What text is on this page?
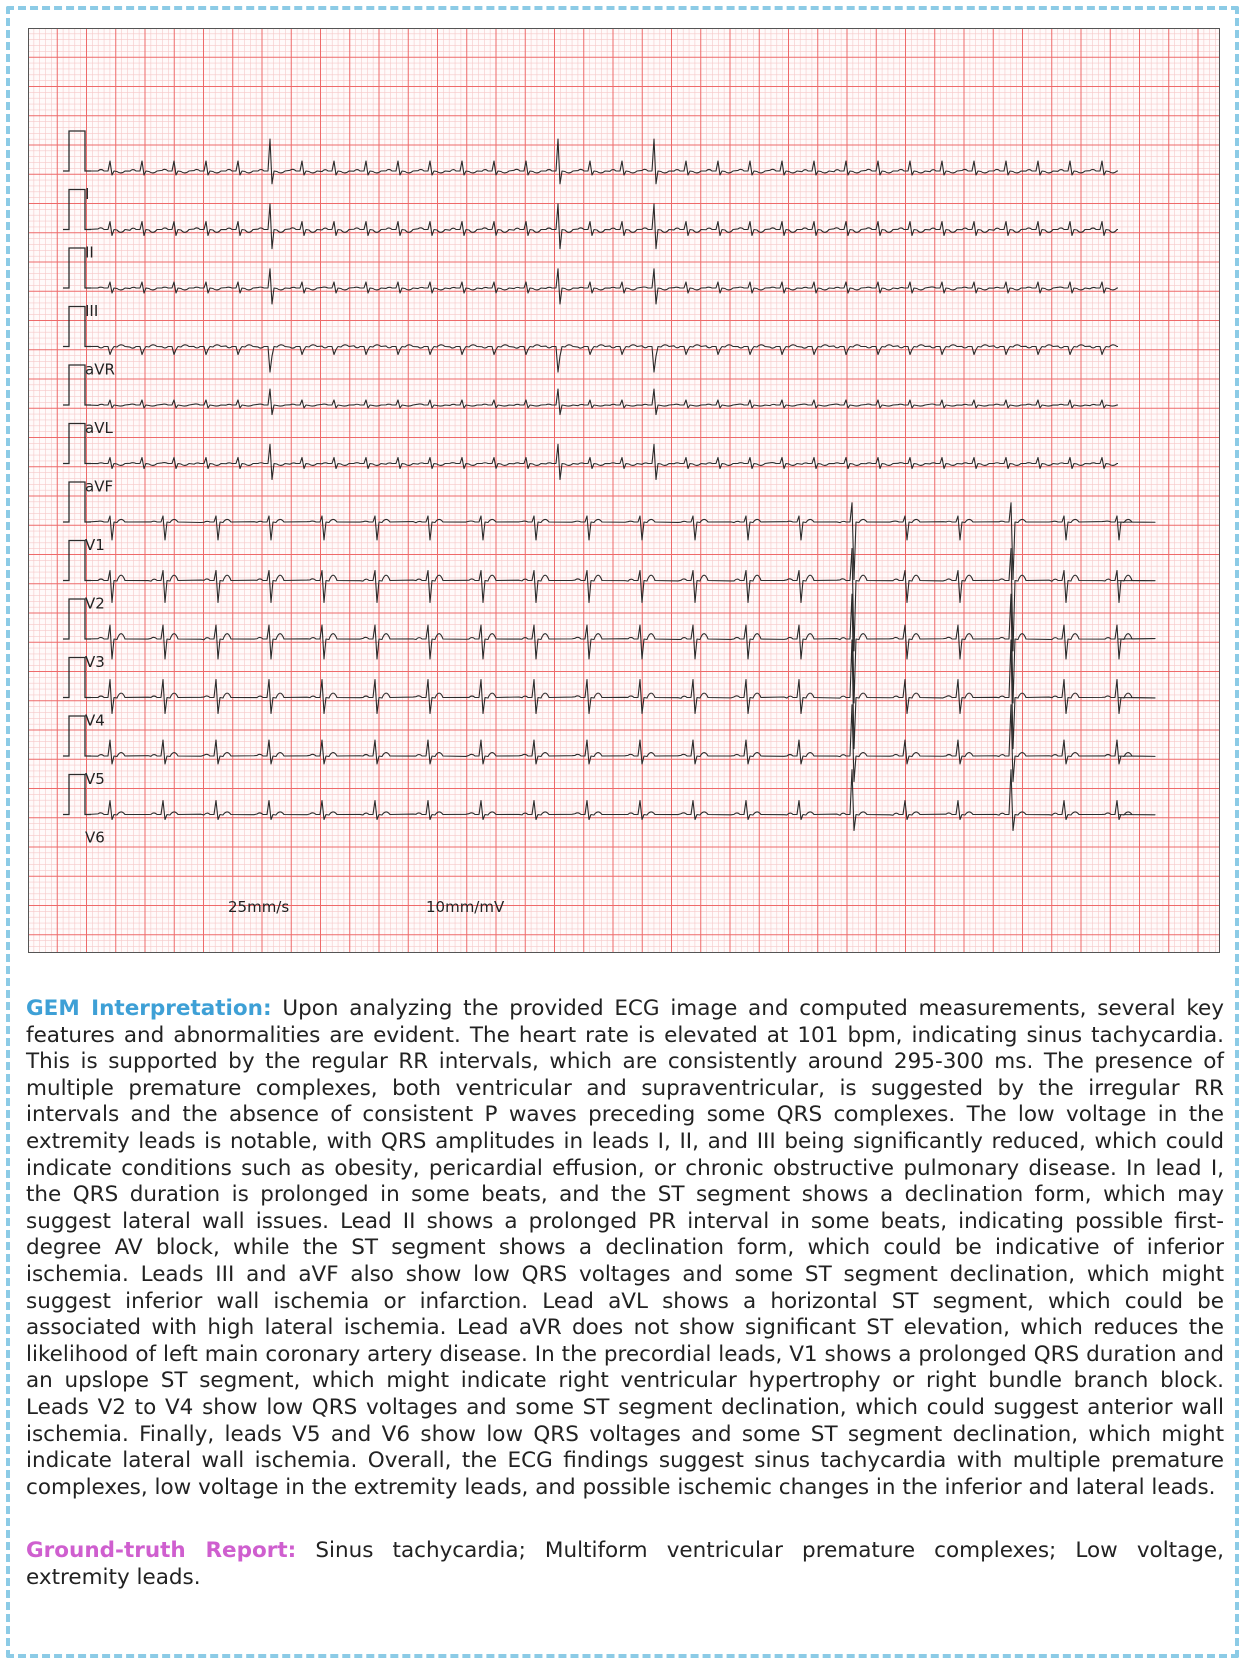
I
II
III
aVR
aVL
aVF
V1
V2
V3
V4
V5
V6
25mm/s	10mm/mV

GEM Interpretation: Upon analyzing the provided ECG image and computed measurements, several key features and abnormalities are evident. The heart rate is elevated at 101 bpm, indicating sinus tachycardia. This is supported by the regular RR intervals, which are consistently around 295-300 ms. The presence of multiple premature complexes, both ventricular and supraventricular, is suggested by the irregular RR intervals and the absence of consistent P waves preceding some QRS complexes. The low voltage in the extremity leads is notable, with QRS amplitudes in leads I, II, and III being significantly reduced, which could indicate conditions such as obesity, pericardial effusion, or chronic obstructive pulmonary disease. In lead I, the QRS duration is prolonged in some beats, and the ST segment shows a declination form, which may suggest lateral wall issues. Lead II shows a prolonged PR interval in some beats, indicating possible first-degree AV block, while the ST segment shows a declination form, which could be indicative of inferior ischemia. Leads III and aVF also show low QRS voltages and some ST segment declination, which might suggest inferior wall ischemia or infarction. Lead aVL shows a horizontal ST segment, which could be associated with high lateral ischemia. Lead aVR does not show significant ST elevation, which reduces the likelihood of left main coronary artery disease. In the precordial leads, V1 shows a prolonged QRS duration and an upslope ST segment, which might indicate right ventricular hypertrophy or right bundle branch block. Leads V2 to V4 show low QRS voltages and some ST segment declination, which could suggest anterior wall ischemia. Finally, leads V5 and V6 show low QRS voltages and some ST segment declination, which might indicate lateral wall ischemia. Overall, the ECG findings suggest sinus tachycardia with multiple premature complexes, low voltage in the extremity leads, and possible ischemic changes in the inferior and lateral leads.

Ground-truth Report: Sinus tachycardia; Multiform ventricular premature complexes; Low voltage, extremity leads.
